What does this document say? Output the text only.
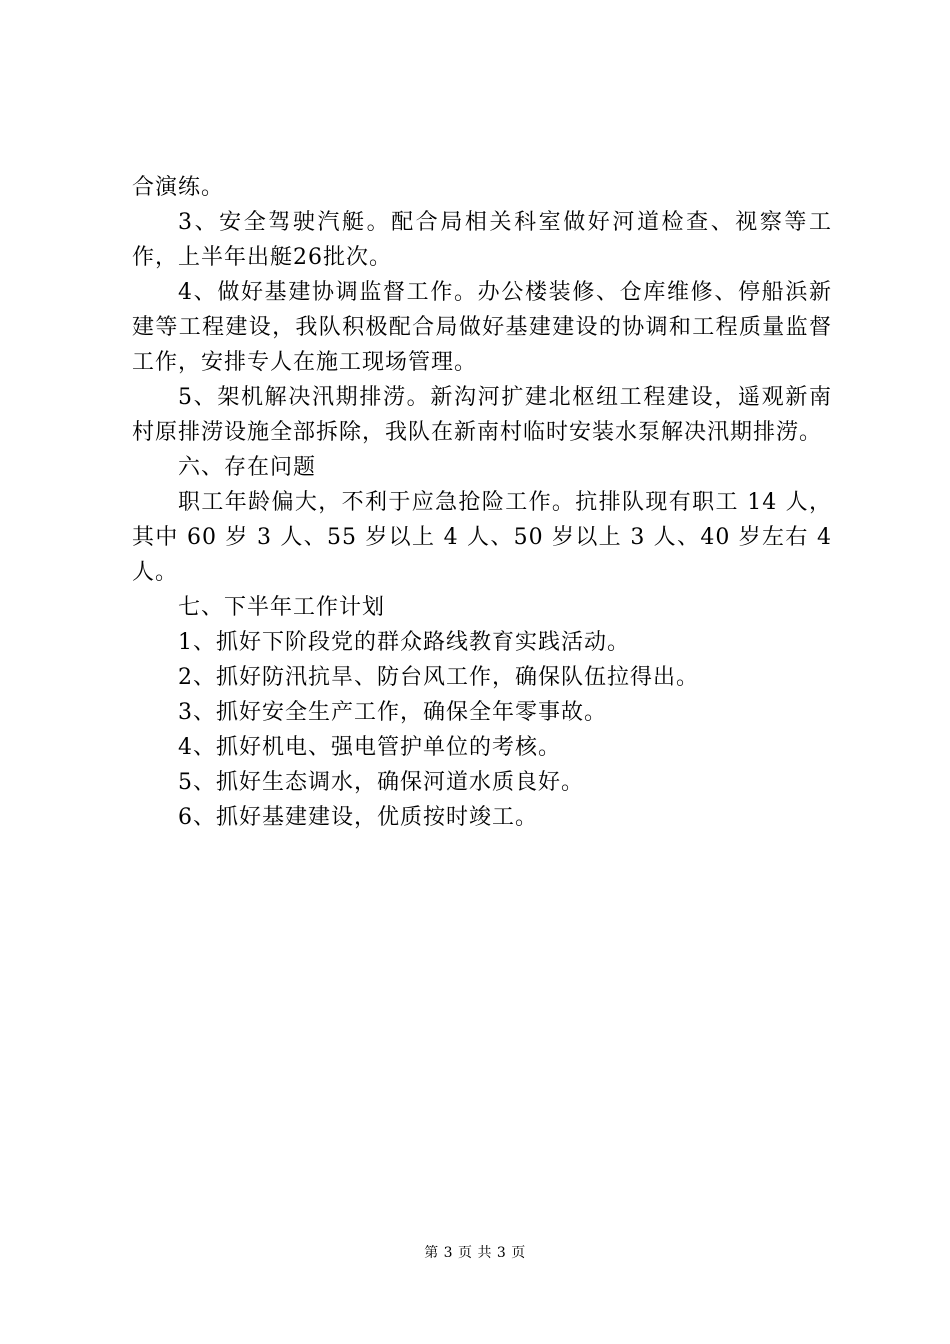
合演练。

3、安全驾驶汽艇。配合局相关科室做好河道检查、视察等工作，上半年出艇26批次。

4、做好基建协调监督工作。办公楼装修、仓库维修、停船浜新建等工程建设，我队积极配合局做好基建建设的协调和工程质量监督工作，安排专人在施工现场管理。

5、架机解决汛期排涝。新沟河扩建北枢纽工程建设，遥观新南村原排涝设施全部拆除，我队在新南村临时安装水泵解决汛期排涝。

六、存在问题

职工年龄偏大，不利于应急抢险工作。抗排队现有职工 14 人，其中 60 岁 3 人、55 岁以上 4 人、50 岁以上 3 人、40 岁左右 4 人。

七、下半年工作计划

1、抓好下阶段党的群众路线教育实践活动。

2、抓好防汛抗旱、防台风工作，确保队伍拉得出。

3、抓好安全生产工作，确保全年零事故。

4、抓好机电、强电管护单位的考核。

5、抓好生态调水，确保河道水质良好。

6、抓好基建建设，优质按时竣工。

第 3 页 共 3 页
